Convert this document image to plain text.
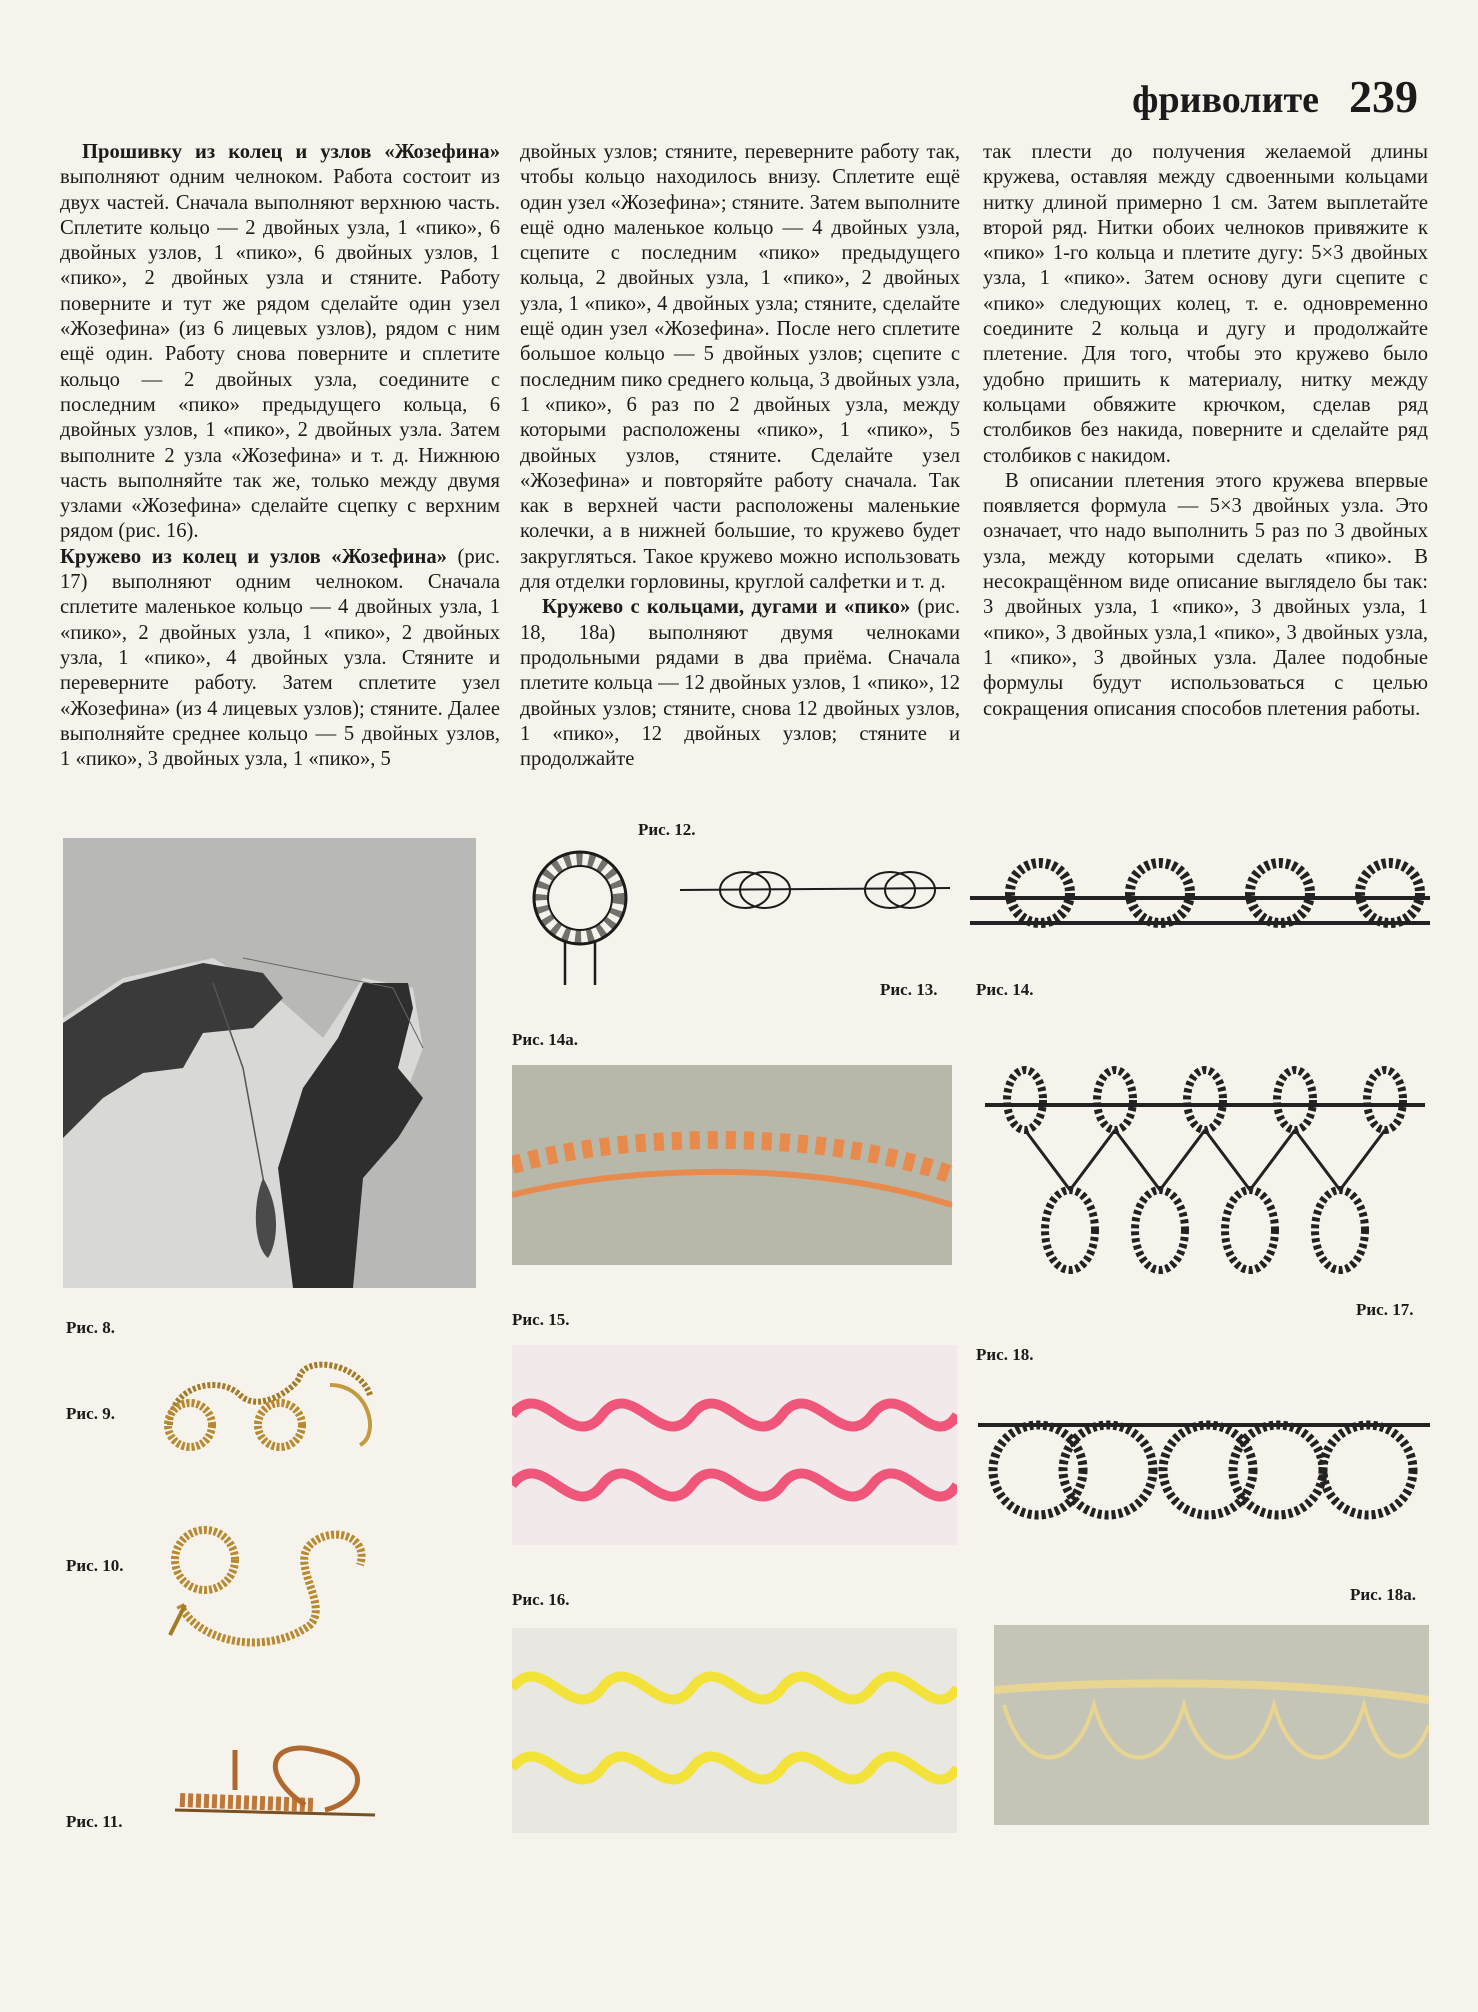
фриволите 239

Прошивку из колец и узлов «Жозефина» выполняют одним челноком. Работа состоит из двух частей. Сначала выполняют верхнюю часть. Сплетите кольцо — 2 двойных узла, 1 «пико», 6 двойных узлов, 1 «пико», 6 двойных узлов, 1 «пико», 2 двойных узла и стяните. Работу поверните и тут же рядом сделайте один узел «Жозефина» (из 6 лицевых узлов), рядом с ним ещё один. Работу снова поверните и сплетите кольцо — 2 двойных узла, соедините с последним «пико» предыдущего кольца, 6 двойных узлов, 1 «пико», 2 двойных узла. Затем выполните 2 узла «Жозефина» и т. д. Нижнюю часть выполняйте так же, только между двумя узлами «Жозефина» сделайте сцепку с верхним рядом (рис. 16).

Кружево из колец и узлов «Жозефина» (рис. 17) выполняют одним челноком. Сначала сплетите маленькое кольцо — 4 двойных узла, 1 «пико», 2 двойных узла, 1 «пико», 2 двойных узла, 1 «пико», 4 двойных узла. Стяните и переверните работу. Затем сплетите узел «Жозефина» (из 4 лицевых узлов); стяните. Далее выполняйте среднее кольцо — 5 двойных узлов, 1 «пико», 3 двойных узла, 1 «пико», 5

двойных узлов; стяните, переверните работу так, чтобы кольцо находилось внизу. Сплетите ещё один узел «Жозефина»; стяните. Затем выполните ещё одно маленькое кольцо — 4 двойных узла, сцепите с последним «пико» предыдущего кольца, 2 двойных узла, 1 «пико», 2 двойных узла, 1 «пико», 4 двойных узла; стяните, сделайте ещё один узел «Жозефина». После него сплетите большое кольцо — 5 двойных узлов; сцепите с последним пико среднего кольца, 3 двойных узла, 1 «пико», 6 раз по 2 двойных узла, между которыми расположены «пико», 1 «пико», 5 двойных узлов, стяните. Сделайте узел «Жозефина» и повторяйте работу сначала. Так как в верхней части расположены маленькие колечки, а в нижней большие, то кружево будет закругляться. Такое кружево можно использовать для отделки горловины, круглой салфетки и т. д.

Кружево с кольцами, дугами и «пико» (рис. 18, 18а) выполняют двумя челноками продольными рядами в два приёма. Сначала плетите кольца — 12 двойных узлов, 1 «пико», 12 двойных узлов; стяните, снова 12 двойных узлов, 1 «пико», 12 двойных узлов; стяните и продолжайте

так плести до получения желаемой длины кружева, оставляя между сдвоенными кольцами нитку длиной примерно 1 см. Затем выплетайте второй ряд. Нитки обоих челноков привяжите к «пико» 1-го кольца и плетите дугу: 5×3 двойных узла, 1 «пико». Затем основу дуги сцепите с «пико» следующих колец, т. е. одновременно соедините 2 кольца и дугу и продолжайте плетение. Для того, чтобы это кружево было удобно пришить к материалу, нитку между кольцами обвяжите крючком, сделав ряд столбиков без накида, поверните и сделайте ряд столбиков с накидом.

В описании плетения этого кружева впервые появляется формула — 5×3 двойных узла. Это означает, что надо выполнить 5 раз по 3 двойных узла, между которыми сделать «пико». В несокращённом виде описание выглядело бы так: 3 двойных узла, 1 «пико», 3 двойных узла, 1 «пико», 3 двойных узла,1 «пико», 3 двойных узла, 1 «пико», 3 двойных узла. Далее подобные формулы будут использоваться с целью сокращения описания способов плетения работы.

Рис. 8.
Рис. 9.
Рис. 10.
Рис. 11.
Рис. 12.
Рис. 13. Рис. 14.
Рис. 14а.
Рис. 15.
Рис. 16.
Рис. 17.
Рис. 18.
Рис. 18а.
